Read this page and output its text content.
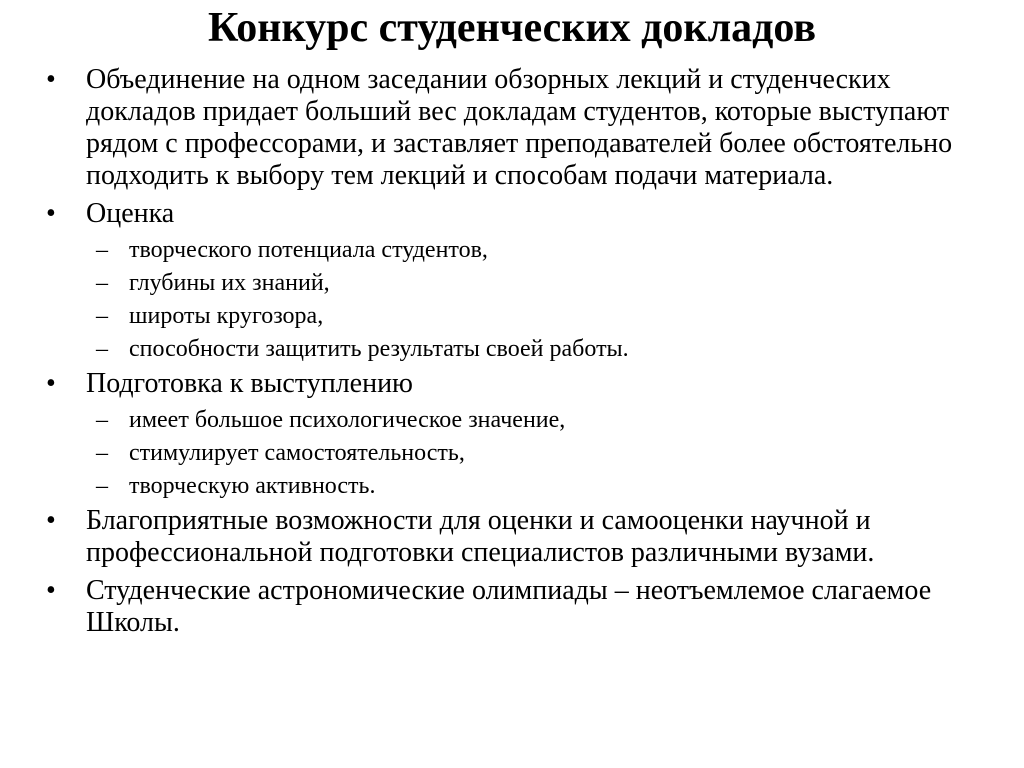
Конкурс студенческих докладов
• Объединение на одном заседании обзорных лекций и студенческих докладов придает больший вес докладам студентов, которые выступают рядом с профессорами, и заставляет преподавателей более обстоятельно подходить к выбору тем лекций и способам подачи материала.
• Оценка
– творческого потенциала студентов,
– глубины их знаний,
– широты кругозора,
– способности защитить результаты своей работы.
• Подготовка к выступлению
– имеет большое психологическое значение,
– стимулирует самостоятельность,
– творческую активность.
• Благоприятные возможности для оценки и самооценки научной и профессиональной подготовки специалистов различными вузами.
• Студенческие астрономические олимпиады – неотъемлемое слагаемое Школы.
